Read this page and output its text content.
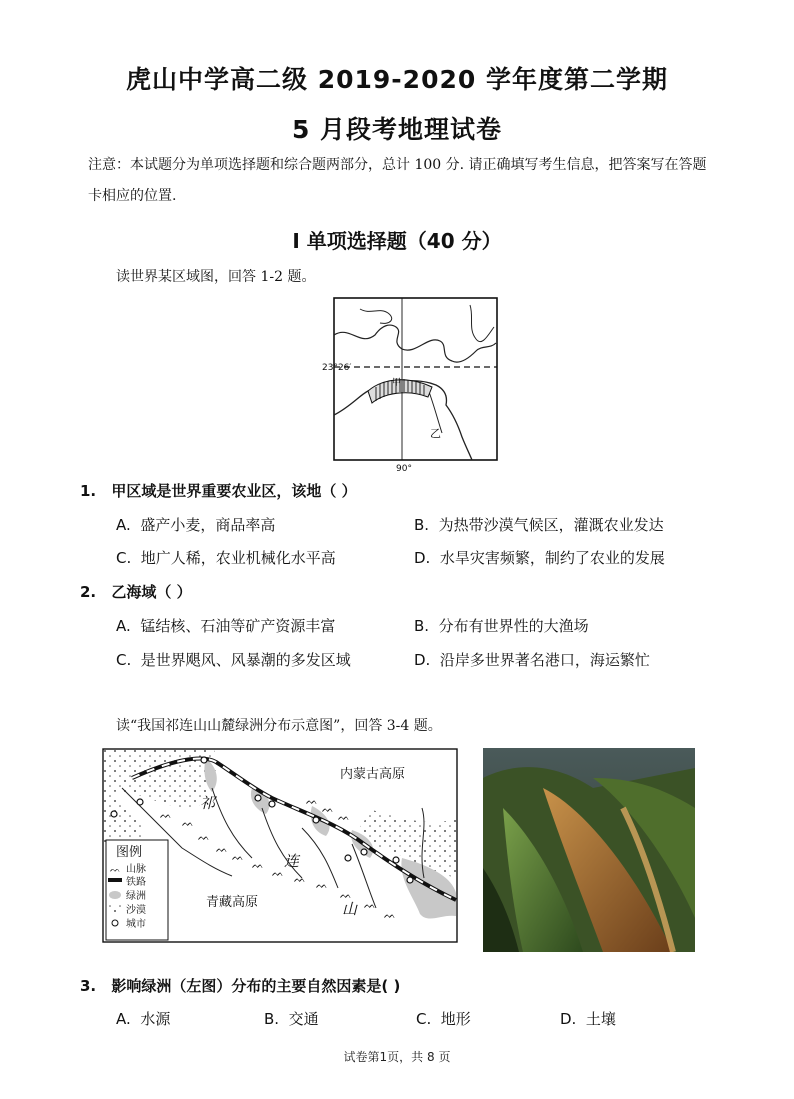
虎山中学高二级 2019-2020 学年度第二学期
5 月段考地理试卷
注意：本试题分为单项选择题和综合题两部分，总计 100 分. 请正确填写考生信息，把答案写在答题卡相应的位置.
Ⅰ 单项选择题（40 分）
读世界某区域图，回答 1-2 题。
23°26′
90°
甲
乙
1. 甲区域是世界重要农业区，该地（ ）
A. 盛产小麦，商品率高	B. 为热带沙漠气候区，灌溉农业发达
C. 地广人稀，农业机械化水平高	D. 水旱灾害频繁，制约了农业的发展
2. 乙海域（ ）
A. 锰结核、石油等矿产资源丰富	B. 分布有世界性的大渔场
C. 是世界飓风、风暴潮的多发区域	D. 沿岸多世界著名港口，海运繁忙
读“我国祁连山山麓绿洲分布示意图”，回答 3-4 题。
ᨓ
ᨓ
ᨓ
ᨓ
ᨓ
ᨓ
ᨓ
ᨓ
ᨓ
ᨓ
ᨓ
ᨓ
ᨓ
ᨓ
ᨓ
内蒙古高原
青藏高原
祁
连
山
图例
ᨓ 山脉
铁路
绿洲
沙漠
城市
3. 影响绿洲（左图）分布的主要自然因素是( )
A. 水源	B. 交通	C. 地形	D. 土壤
试卷第1页，共 8 页
